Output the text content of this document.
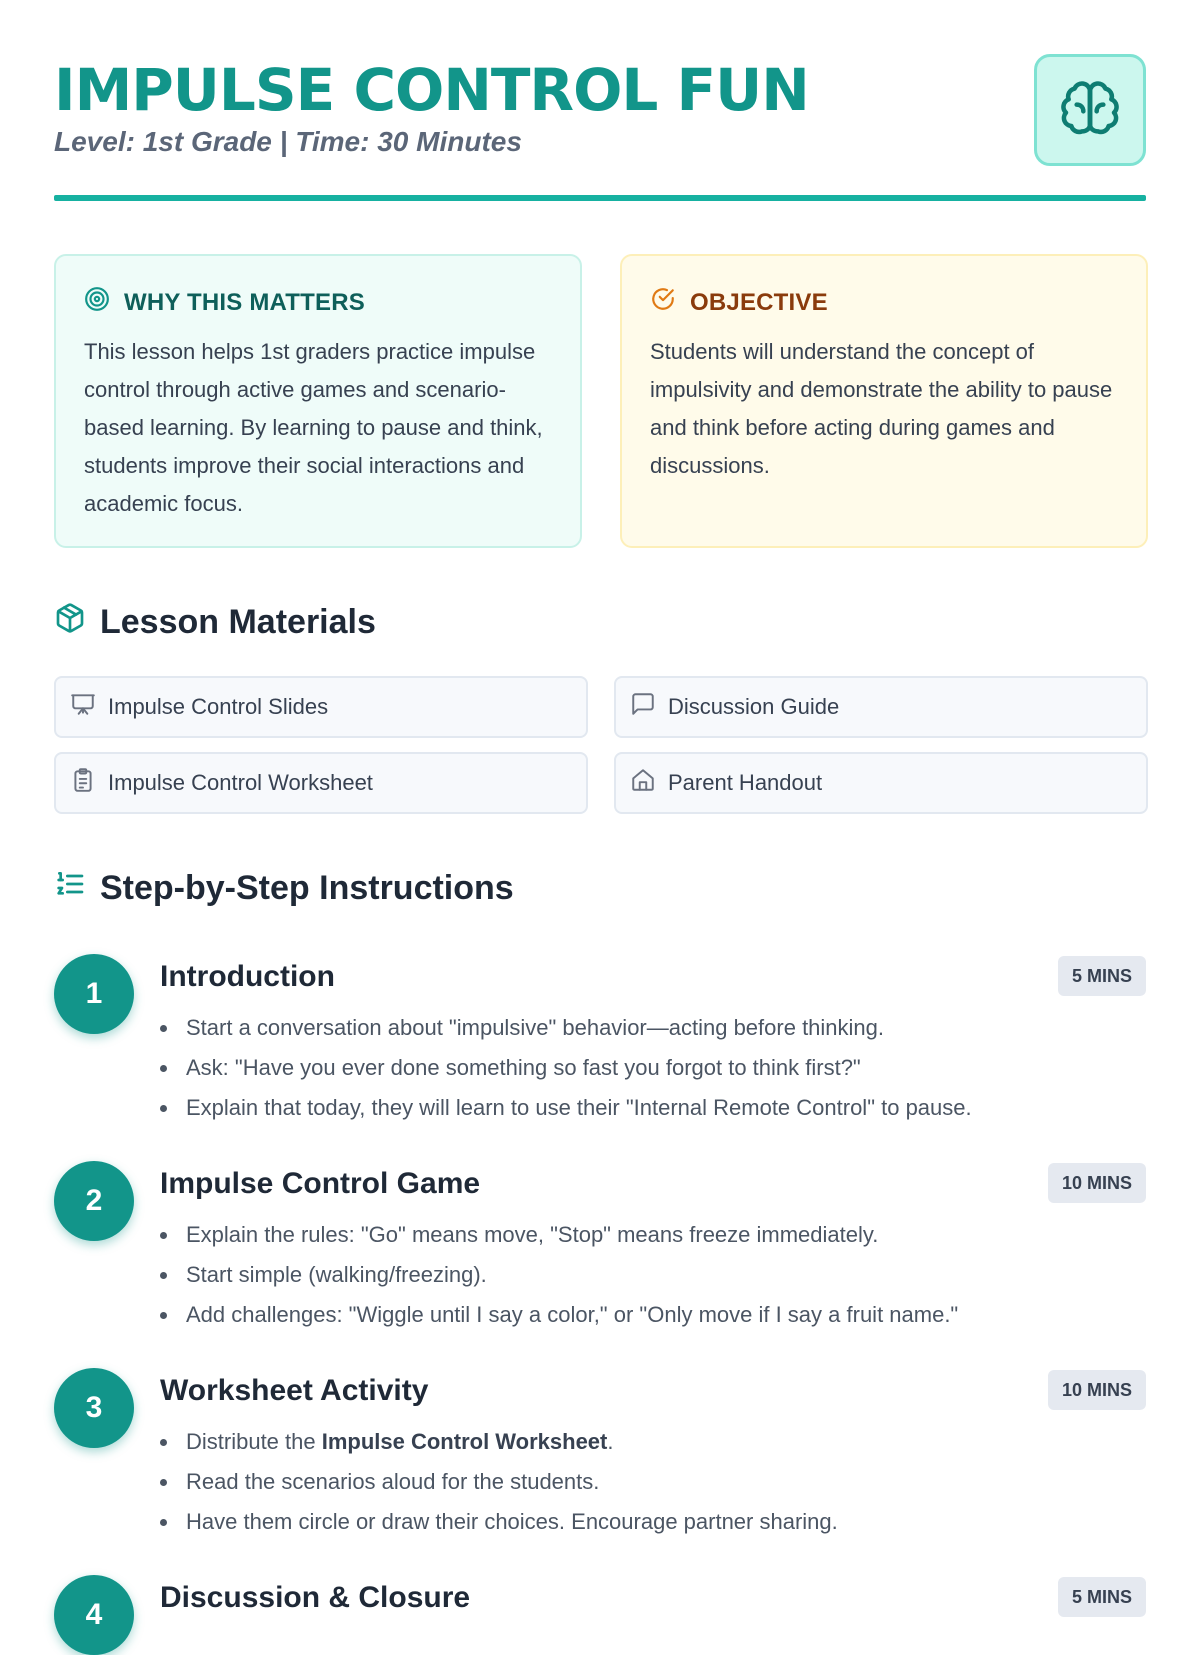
IMPULSE CONTROL FUN
Level: 1st Grade | Time: 30 Minutes
WHY THIS MATTERS

This lesson helps 1st graders practice impulse control through active games and scenario-based learning. By learning to pause and think, students improve their social interactions and academic focus.

OBJECTIVE

Students will understand the concept of impulsivity and demonstrate the ability to pause and think before acting during games and discussions.

Lesson Materials
Impulse Control Slides	Discussion Guide
Impulse Control Worksheet	Parent Handout
Step-by-Step Instructions
1
Introduction	5 MINS
Start a conversation about "impulsive" behavior—acting before thinking.
Ask: "Have you ever done something so fast you forgot to think first?"
Explain that today, they will learn to use their "Internal Remote Control" to pause.
2
Impulse Control Game	10 MINS
Explain the rules: "Go" means move, "Stop" means freeze immediately.
Start simple (walking/freezing).
Add challenges: "Wiggle until I say a color," or "Only move if I say a fruit name."
3
Worksheet Activity	10 MINS
Distribute the Impulse Control Worksheet.
Read the scenarios aloud for the students.
Have them circle or draw their choices. Encourage partner sharing.
4
Discussion & Closure	5 MINS
